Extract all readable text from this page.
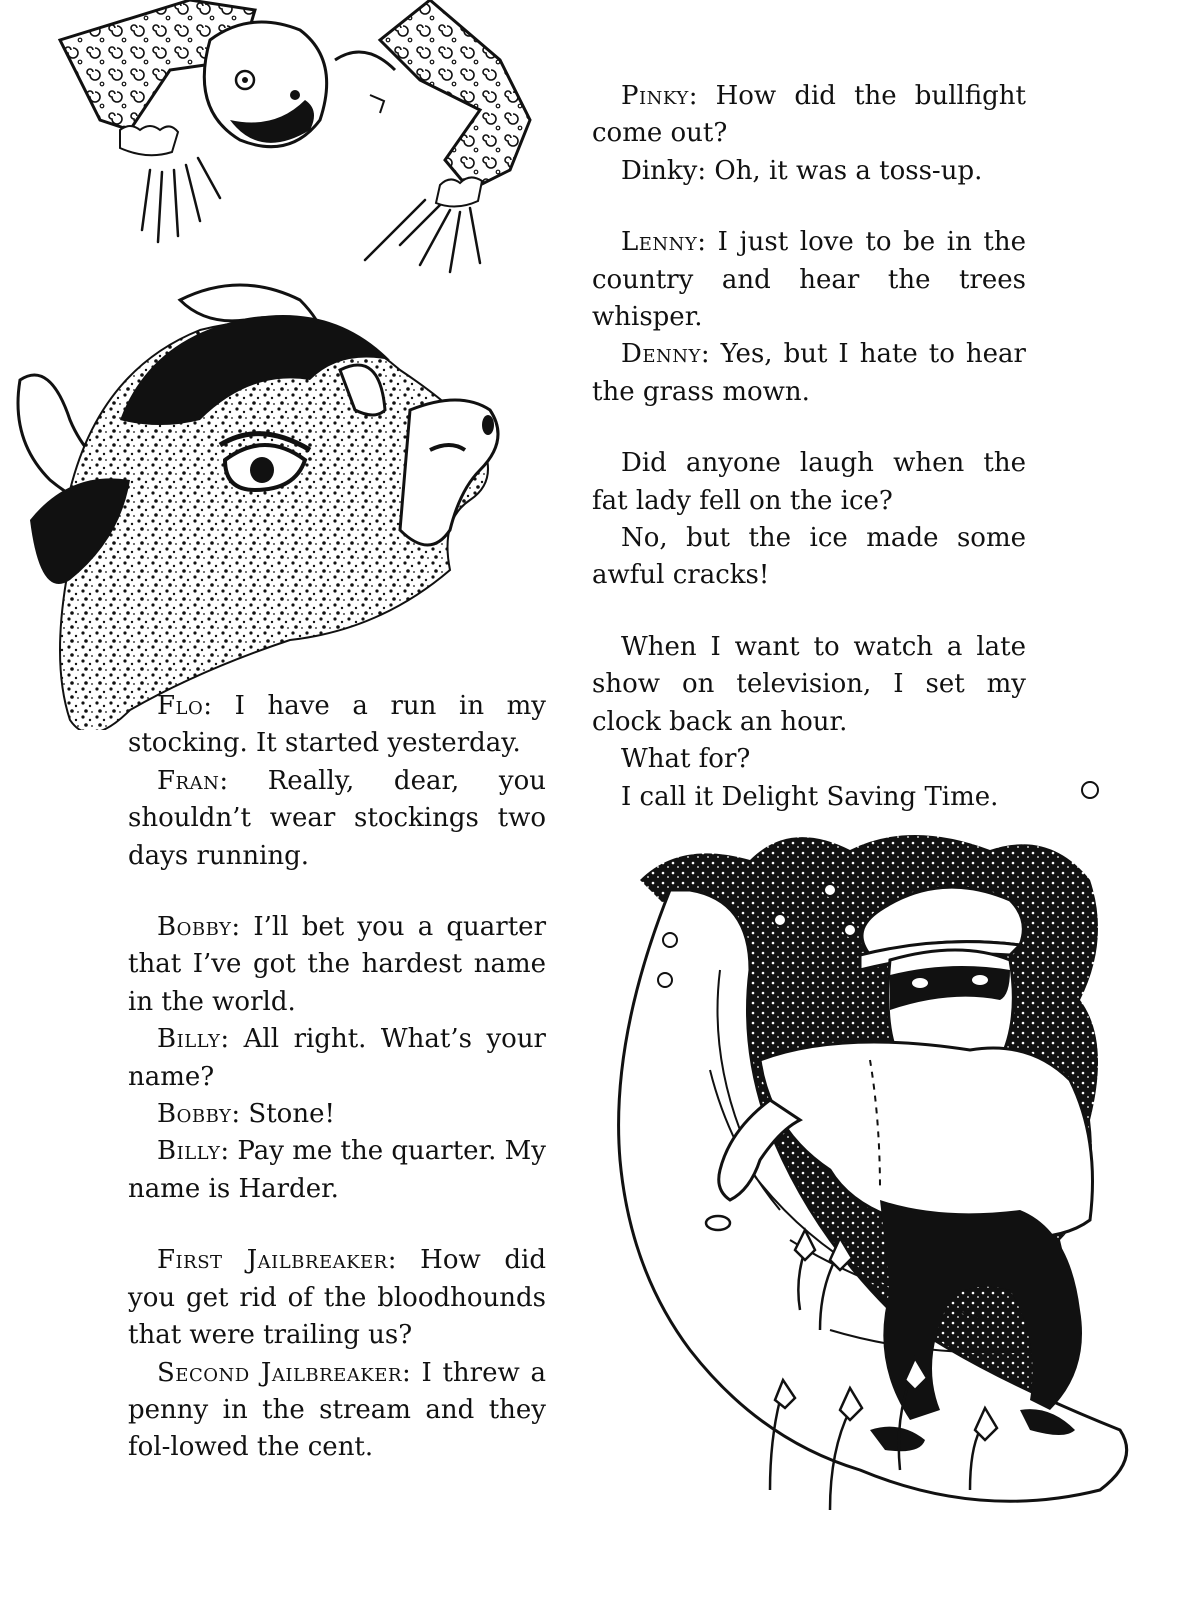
Flo: I have a run in my stocking. It started yesterday.

Fran: Really, dear, you shouldn’t wear stockings two days running.

Bobby: I’ll bet you a quarter that I’ve got the hardest name in the world.

Billy: All right. What’s your name?

Bobby: Stone!

Billy: Pay me the quarter. My name is Harder.

First Jailbreaker: How did you get rid of the bloodhounds that were trailing us?

Second Jailbreaker: I threw a penny in the stream and they fol-lowed the cent.

Pinky: How did the bullfight come out?

Dinky: Oh, it was a toss-up.

Lenny: I just love to be in the country and hear the trees whisper.

Denny: Yes, but I hate to hear the grass mown.

Did anyone laugh when the fat lady fell on the ice?

No, but the ice made some awful cracks!

When I want to watch a late show on television, I set my clock back an hour.

What for?

I call it Delight Saving Time.
